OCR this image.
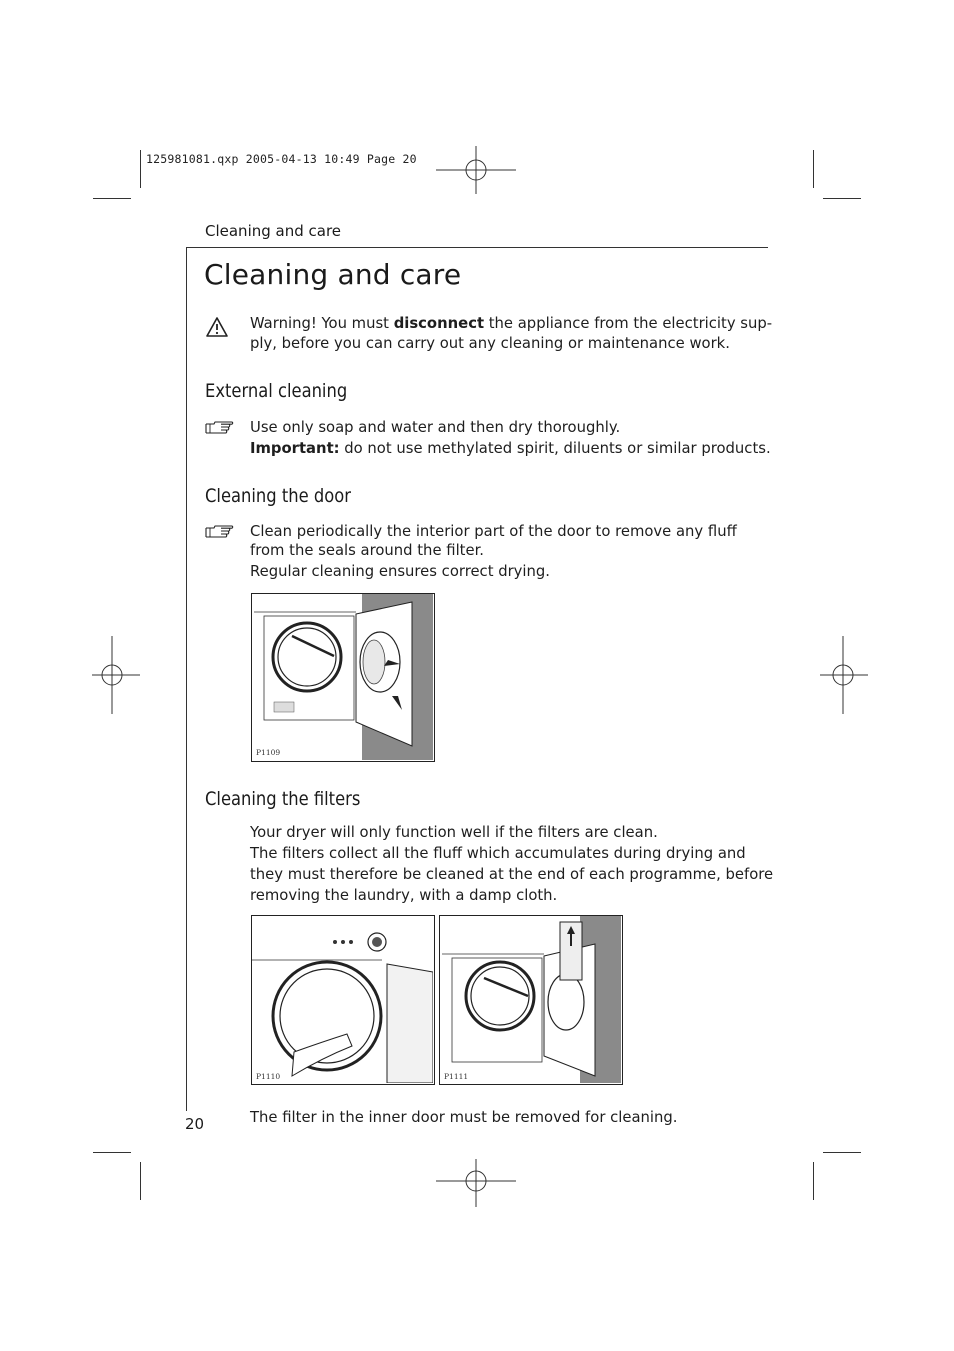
125981081.qxp 2005-04-13 10:49 Page 20
Cleaning and care
Cleaning and care
Warning! You must disconnect the appliance from the electricity sup-
ply, before you can carry out any cleaning or maintenance work.
External cleaning
Use only soap and water and then dry thoroughly.
Important: do not use methylated spirit, diluents or similar products.
Cleaning the door
Clean periodically the interior part of the door to remove any fluff
from the seals around the filter.
Regular cleaning ensures correct drying.
P1109
Cleaning the filters
Your dryer will only function well if the filters are clean.
The filters collect all the fluff which accumulates during drying and
they must therefore be cleaned at the end of each programme, before
removing the laundry, with a damp cloth.
P1110	P1111
The filter in the inner door must be removed for cleaning.
20
